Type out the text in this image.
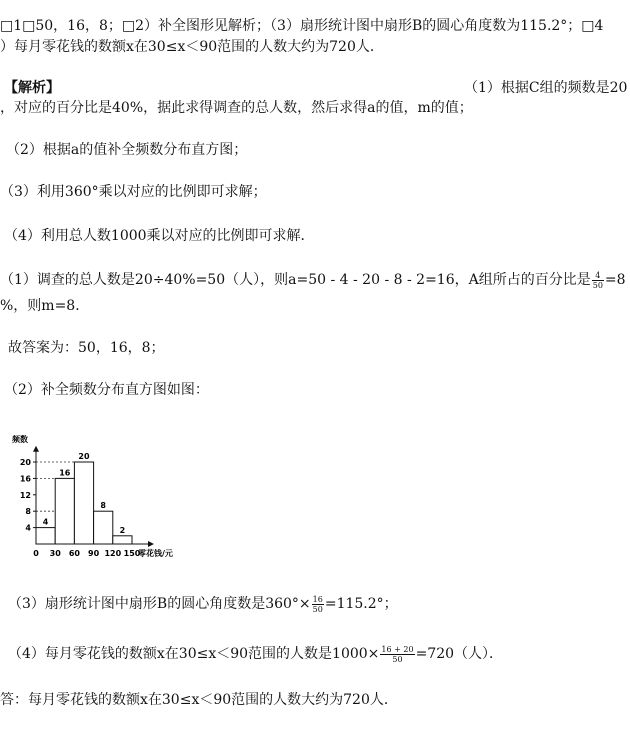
□1□50，16，8；□2）补全图形见解析；（3）扇形统计图中扇形B的圆心角度数为115.2°；□4
）每月零花钱的数额x在30≤x＜90范围的人数大约为720人．
【解析】	（1）根据C组的频数是20
，对应的百分比是40%，据此求得调查的总人数，然后求得a的值，m的值；
（2）根据a的值补全频数分布直方图；
（3）利用360°乘以对应的比例即可求解；
（4）利用总人数1000乘以对应的比例即可求解．
（1）调查的总人数是20÷40%=50（人），则a=50 - 4 - 20 - 8 - 2=16，A组所占的百分比是 $\frac{4}{50} =8$
%，则m=8．
故答案为：50，16，8；
（2）补全频数分布直方图如图：
4
16
20
8
2
4
8
12
16
20
0 30 60 90 120 150
频数
零花钱/元
（3）扇形统计图中扇形B的圆心角度数是$360^\circ\times \frac{16}{50} =115.2^\circ$；
（4）每月零花钱的数额x在30≤x＜90范围的人数是$1000\times \frac{16 + 20}{50} =720$（人）．
答：每月零花钱的数额x在30≤x＜90范围的人数大约为720人．
